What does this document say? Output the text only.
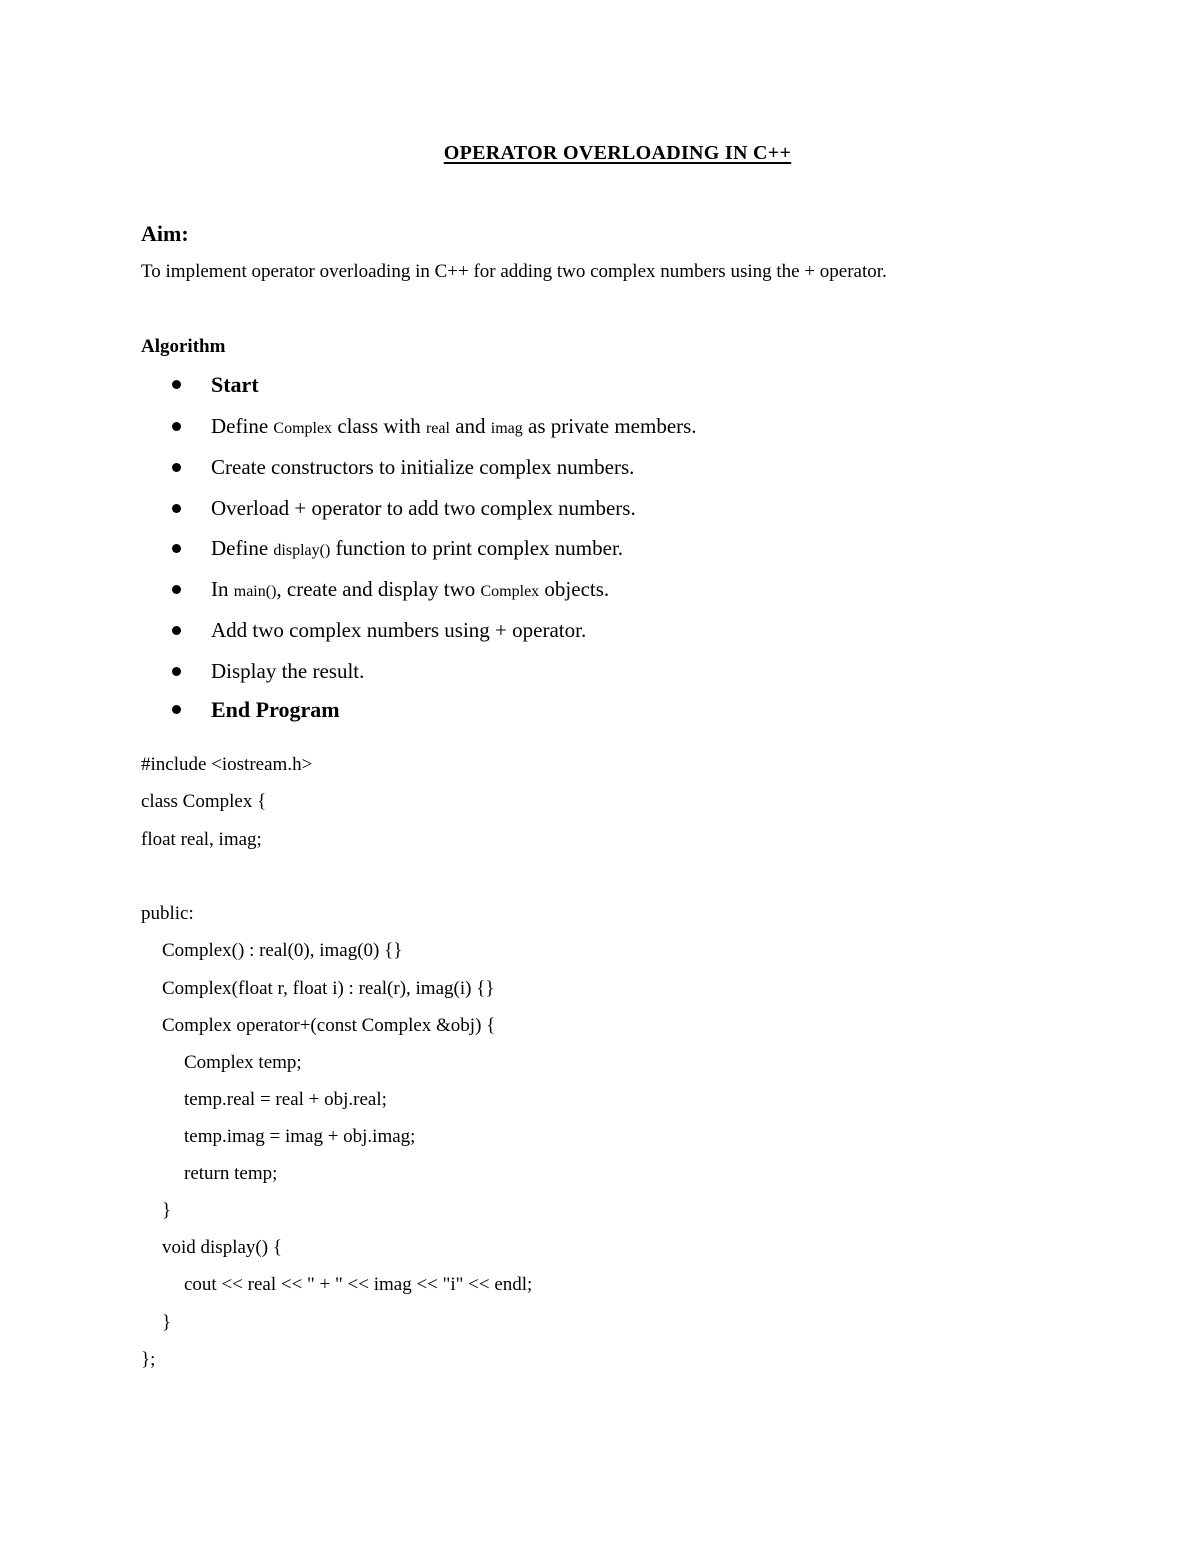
OPERATOR OVERLOADING IN C++
Aim:

To implement operator overloading in C++ for adding two complex numbers using the + operator.

Algorithm
Start
Define Complex class with real and imag as private members.
Create constructors to initialize complex numbers.
Overload + operator to add two complex numbers.
Define display() function to print complex number.
In main(), create and display two Complex objects.
Add two complex numbers using + operator.
Display the result.
End Program
#include <iostream.h>
class Complex {
float real, imag;
public:
Complex() : real(0), imag(0) {}
Complex(float r, float i) : real(r), imag(i) {}
Complex operator+(const Complex &obj) {
Complex temp;
temp.real = real + obj.real;
temp.imag = imag + obj.imag;
return temp;
}
void display() {
cout << real << " + " << imag << "i" << endl;
}
};
